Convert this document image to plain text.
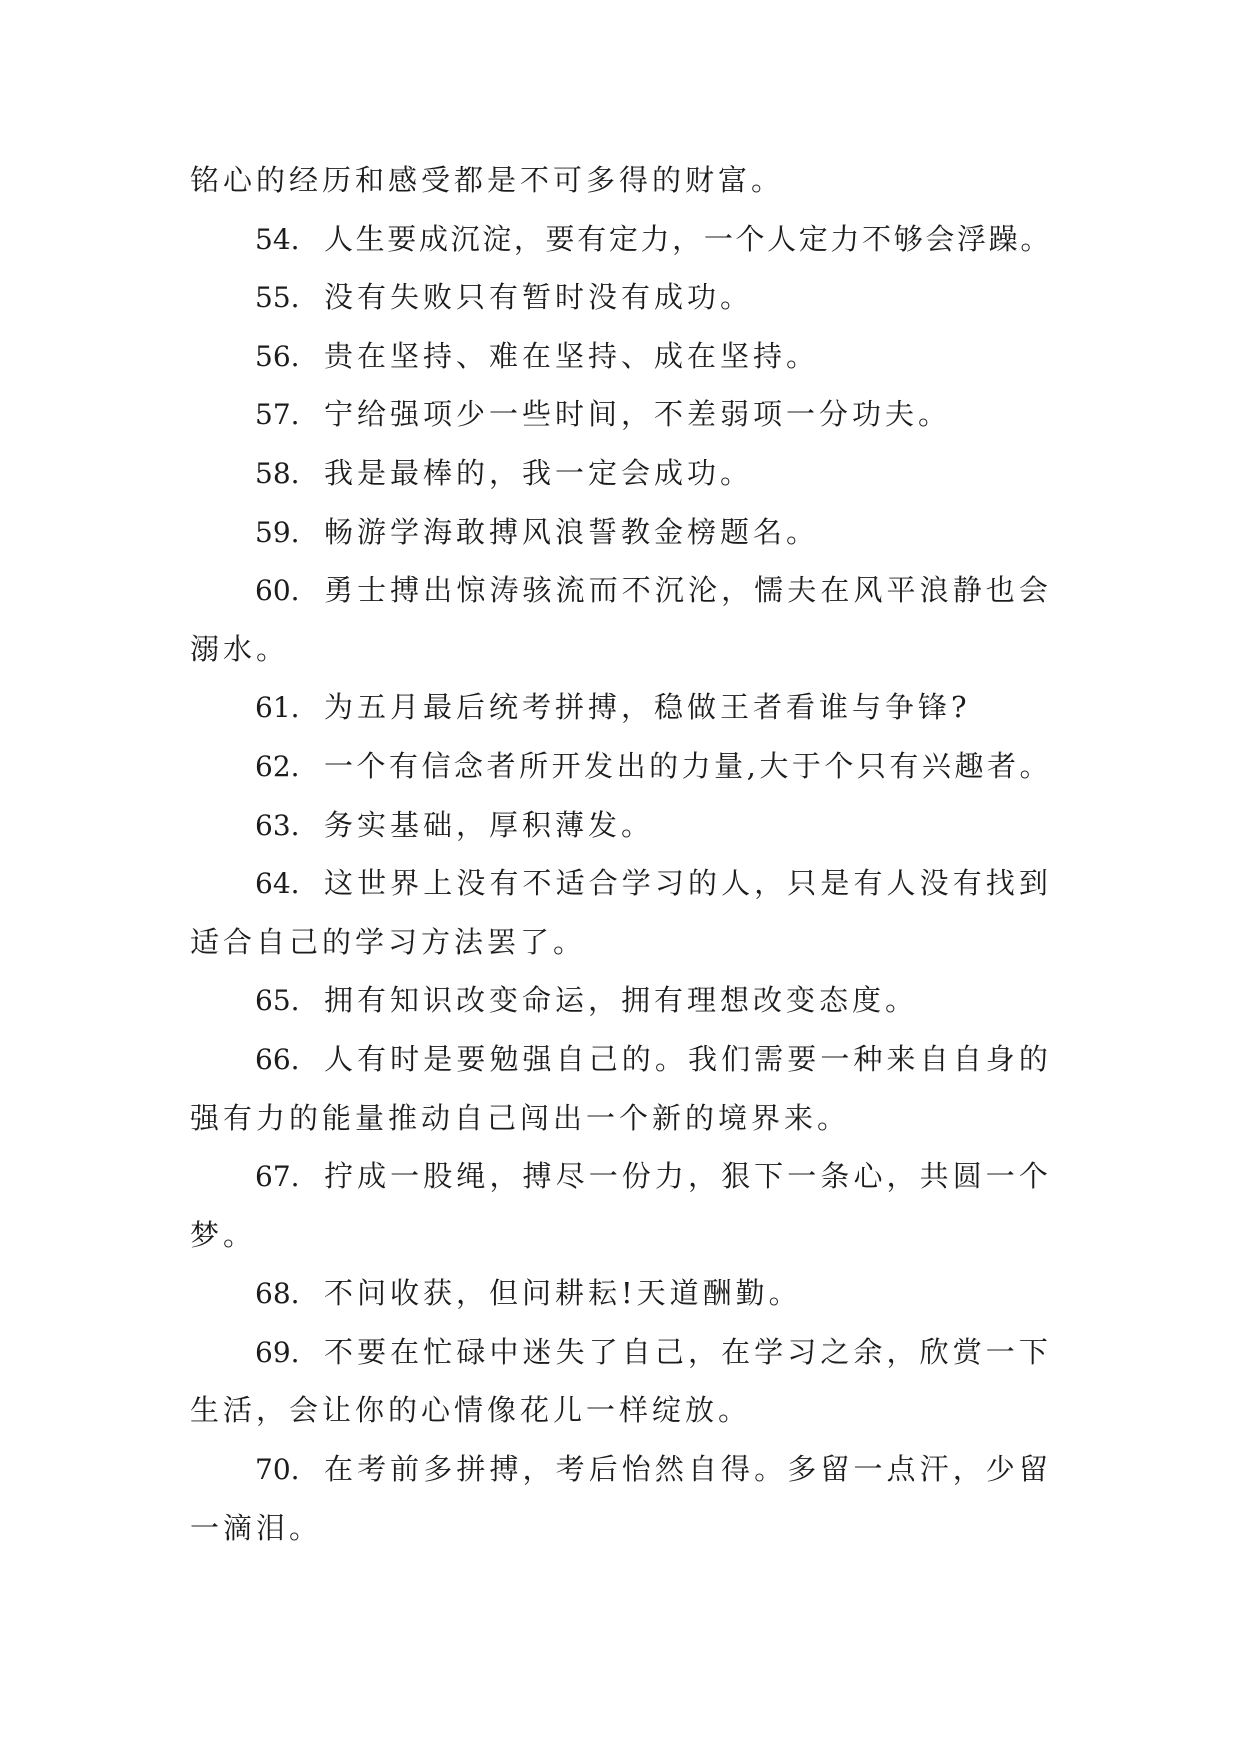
铭心的经历和感受都是不可多得的财富。
54. 人生要成沉淀，要有定力，一个人定力不够会浮躁。
55. 没有失败只有暂时没有成功。
56. 贵在坚持、难在坚持、成在坚持。
57. 宁给强项少一些时间，不差弱项一分功夫。
58. 我是最棒的，我一定会成功。
59. 畅游学海敢搏风浪誓教金榜题名。
60. 勇士搏出惊涛骇流而不沉沦，懦夫在风平浪静也会
溺水。
61. 为五月最后统考拼搏，稳做王者看谁与争锋?
62. 一个有信念者所开发出的力量,大于个只有兴趣者。
63. 务实基础，厚积薄发。
64. 这世界上没有不适合学习的人，只是有人没有找到
适合自己的学习方法罢了。
65. 拥有知识改变命运，拥有理想改变态度。
66. 人有时是要勉强自己的。我们需要一种来自自身的
强有力的能量推动自己闯出一个新的境界来。
67. 拧成一股绳，搏尽一份力，狠下一条心，共圆一个
梦。
68. 不问收获，但问耕耘!天道酬勤。
69. 不要在忙碌中迷失了自己，在学习之余，欣赏一下
生活，会让你的心情像花儿一样绽放。
70. 在考前多拼搏，考后怡然自得。多留一点汗，少留
一滴泪。
